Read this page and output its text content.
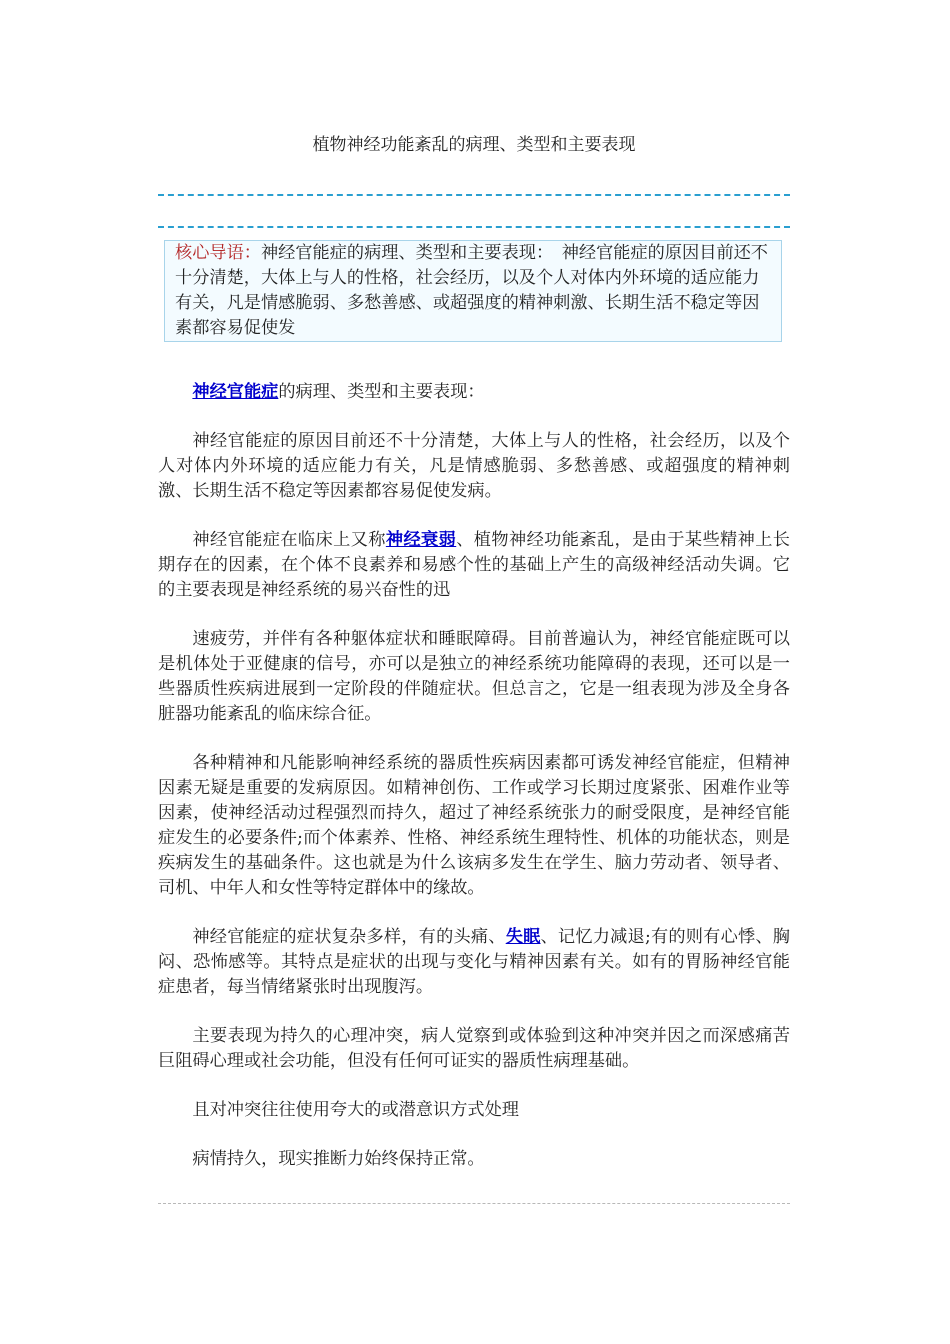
植物神经功能紊乱的病理、类型和主要表现

核心导语：神经官能症的病理、类型和主要表现：　神经官能症的原因目前还不十分清楚，大体上与人的性格，社会经历，以及个人对体内外环境的适应能力有关，凡是情感脆弱、多愁善感、或超强度的精神刺激、长期生活不稳定等因素都容易促使发

神经官能症的病理、类型和主要表现：

神经官能症的原因目前还不十分清楚，大体上与人的性格，社会经历，以及个人对体内外环境的适应能力有关，凡是情感脆弱、多愁善感、或超强度的精神刺激、长期生活不稳定等因素都容易促使发病。

神经官能症在临床上又称神经衰弱、植物神经功能紊乱，是由于某些精神上长期存在的因素，在个体不良素养和易感个性的基础上产生的高级神经活动失调。它的主要表现是神经系统的易兴奋性的迅

速疲劳，并伴有各种躯体症状和睡眠障碍。目前普遍认为，神经官能症既可以是机体处于亚健康的信号，亦可以是独立的神经系统功能障碍的表现，还可以是一些器质性疾病进展到一定阶段的伴随症状。但总言之，它是一组表现为涉及全身各脏器功能紊乱的临床综合征。

各种精神和凡能影响神经系统的器质性疾病因素都可诱发神经官能症，但精神因素无疑是重要的发病原因。如精神创伤、工作或学习长期过度紧张、困难作业等因素，使神经活动过程强烈而持久，超过了神经系统张力的耐受限度，是神经官能症发生的必要条件;而个体素养、性格、神经系统生理特性、机体的功能状态，则是疾病发生的基础条件。这也就是为什么该病多发生在学生、脑力劳动者、领导者、司机、中年人和女性等特定群体中的缘故。

神经官能症的症状复杂多样，有的头痛、失眠、记忆力减退;有的则有心悸、胸闷、恐怖感等。其特点是症状的出现与变化与精神因素有关。如有的胃肠神经官能症患者，每当情绪紧张时出现腹泻。

主要表现为持久的心理冲突，病人觉察到或体验到这种冲突并因之而深感痛苦巨阻碍心理或社会功能，但没有任何可证实的器质性病理基础。

且对冲突往往使用夸大的或潜意识方式处理

病情持久，现实推断力始终保持正常。
